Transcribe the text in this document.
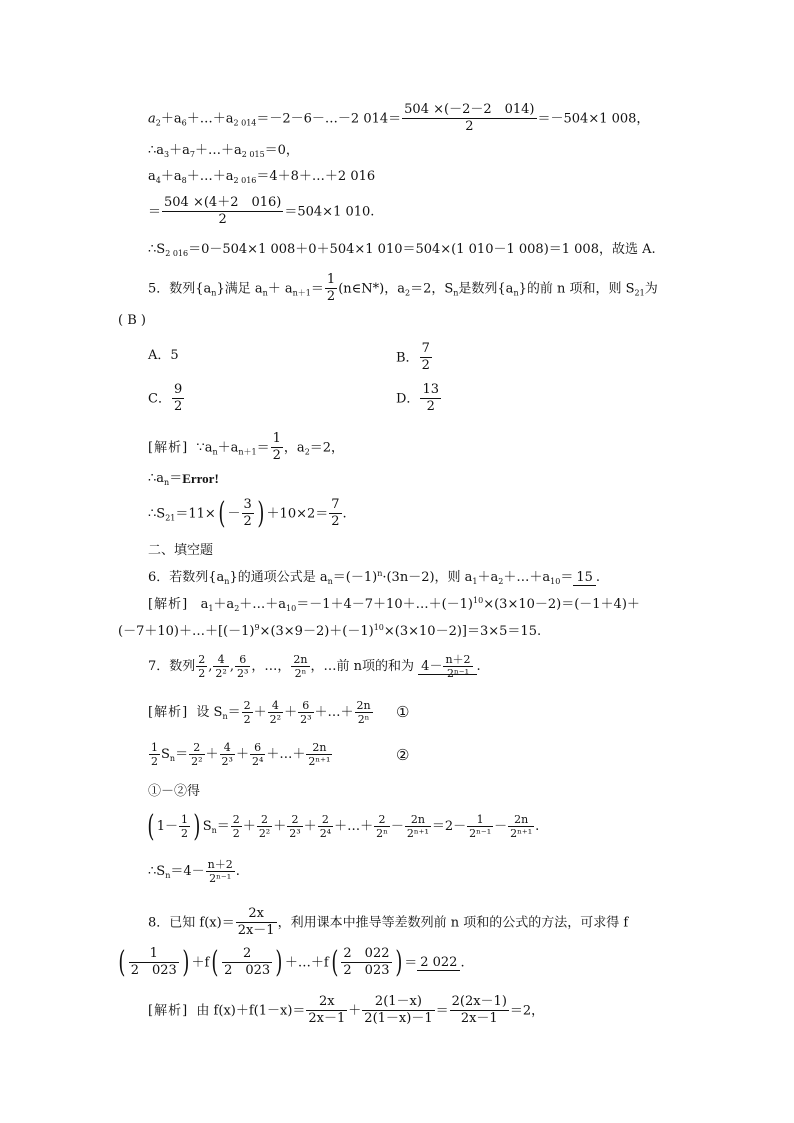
$a_2+a_6+\dots+a_{2 014}=-2-6-\dots-2$ $014= \frac{504 \times(-2-2 014)}{2} =-504\times 1$ 008，
$\therefore a_3+a_7+\dots+a_{2 015}=0$，
$a_4+a_8+\dots+a_{2 016}=4+8+\dots+2$ 016
＝ $\frac{504 \times(4+2 016)}{2} =504\times 1$ 010.
$\therefore S_{2 016}=0-504\times 1$ 008＋0＋504×1 010＝504×(1 010－1 008)＝1 008，故选 A.
5．数列$\{a_n\}$满足 $a_n+ a_{n+1}= \frac{1}{2}$ (n∈N*)，$a_2=2$，$S_n$是数列$\{a_n\}$的前 n 项和，则 $S_{21}$为
( B )
A．5	B． $\frac{7}{2}$
C． $\frac{9}{2}$	D． $\frac{13}{2}$
[解析] $\because a_n+a_{n+1}= \frac{1}{2}$ ，$a_2=2$，
$\therefore a_n=Error$!
$\therefore S_{21}=11\times( - \frac{3}{2}$ ) $+10\times 2= \frac{7}{2}$ .
二、填空题
6．若数列$\{a_n\}$的通项公式是 $a_n=(-1)^n\cdot(3n-2)$，则 $a_1+a_2+\dots+a_{10}= 15$ .
[解析] $a_1+a_2+\dots+a_{10}=-1+4-7+10+\dots+(-1)^{10}\times(3\times 10-2)=(-1+4)+$
$(-7+10)+\dots+[(-1)^9\times(3\times 9-2)+(-1)^{10}\times(3\times 10-2)]=3\times 5=15$.
7．数列 $\frac{2}{2}$ , $\frac{4}{\text{2²}}$ , $\frac{6}{\text{2³}}$ ，…， $\frac{2n}{\text{2ⁿ}}$ ，…前 n项的和为 $4- \frac{n+2}{\text{2ⁿ⁻¹}}$ .
[解析] 设 $S_n= \frac{2}{2} + \frac{4}{\text{2²}} + \frac{6}{\text{2³}}$ ＋…＋ $\frac{2n}{\text{2ⁿ}}$ ①
$\frac{1}{2} S_n= \frac{2}{\text{2²}} + \frac{4}{\text{2³}} + \frac{6}{\text{2⁴}}$ ＋…＋ $\frac{2n}{\text{2ⁿ⁺¹}}$	②
①－②得
( $1- \frac{1}{2}$ ) $S_n= \frac{2}{2} + \frac{2}{\text{2²}} + \frac{2}{\text{2³}} + \frac{2}{\text{2⁴}}$ ＋…＋ $\frac{2}{\text{2ⁿ}} - \frac{2n}{\text{2ⁿ⁺¹}} =2- \frac{1}{\text{2ⁿ⁻¹}} - \frac{2n}{\text{2ⁿ⁺¹}}$ .
$\therefore S_n=4- \frac{n+2}{\text{2ⁿ⁻¹}}$ .
8．已知 $f(x)= \frac{2x}{2x-1}$ ，利用课本中推导等差数列前 n 项和的公式的方法，可求得 f
( $\frac{1}{2 023}$ ) $+f( \frac{2}{2 023}$ ) ＋…＋f( $\frac{2 022}{2 023}$ ) ＝ 2 022 .
[解析] 由 $f(x)+f(1-x)= \frac{2x}{2x-1} + \frac{2(1-x)}{2(1-x)-1} = \frac{2(2x-1)}{2x-1} =2$，
